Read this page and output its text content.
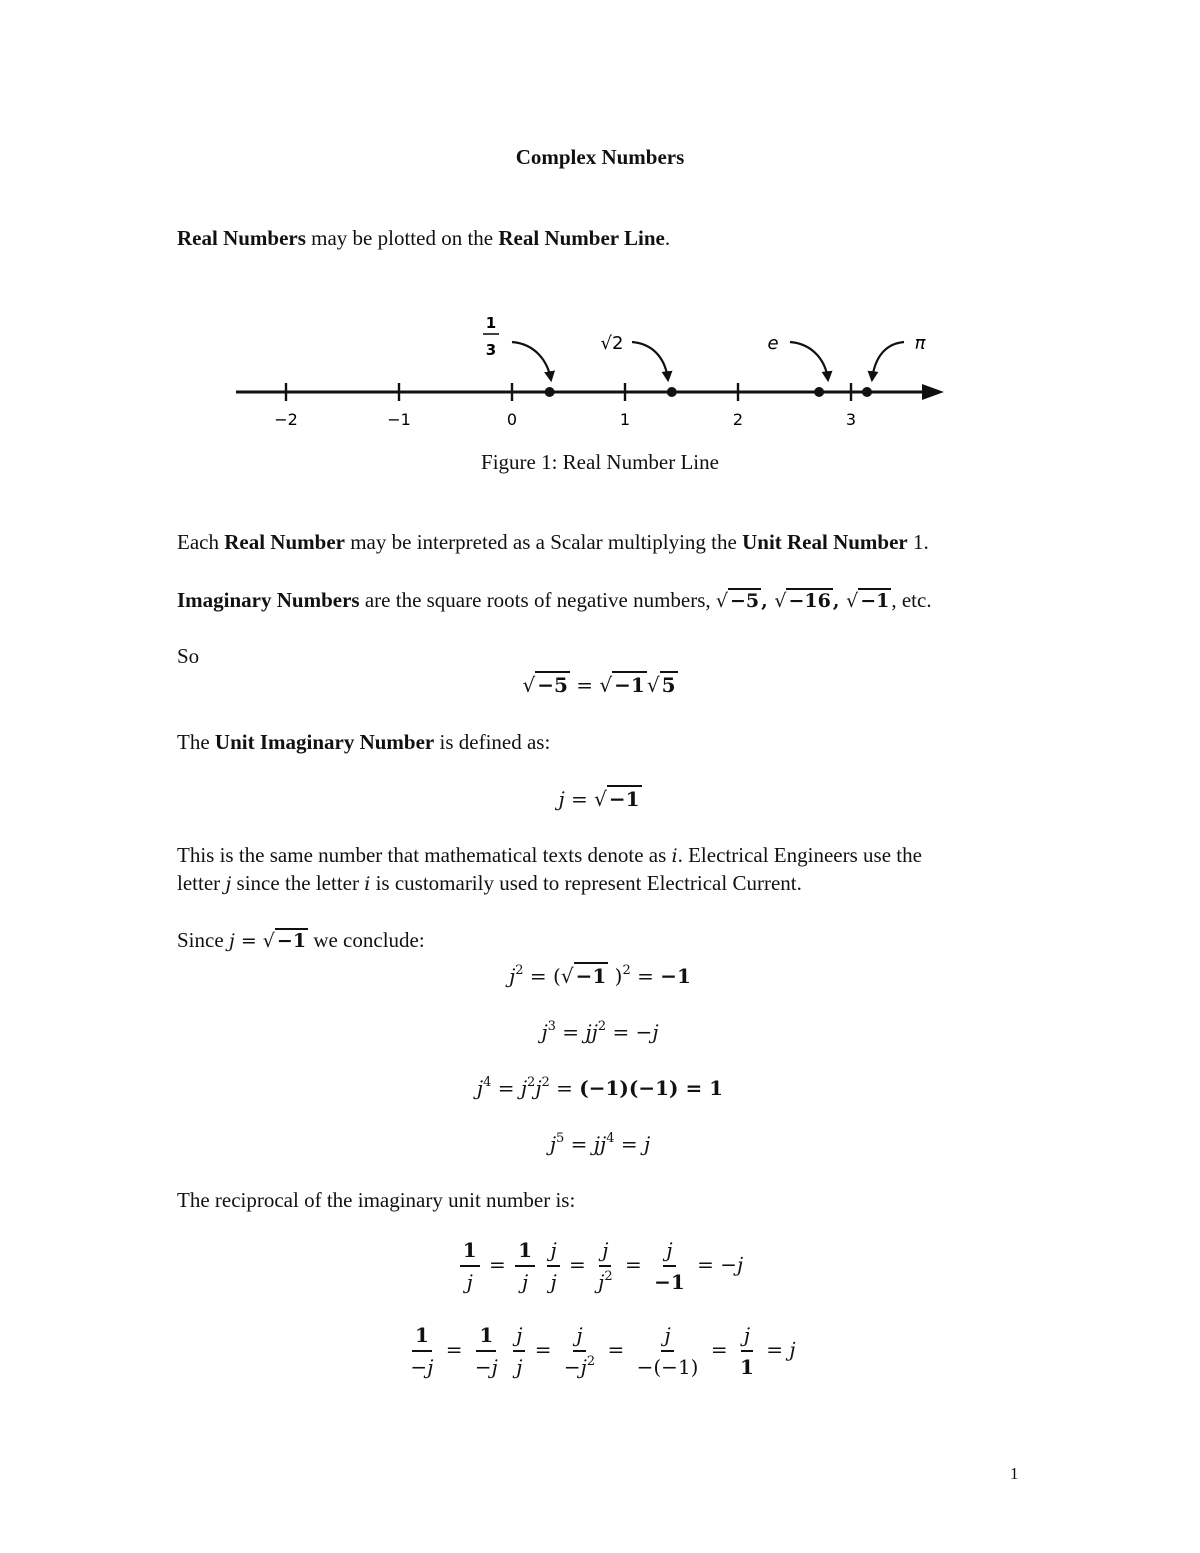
Complex Numbers

Real Numbers may be plotted on the Real Number Line.

−2	−1	0	1	2	3
1
3	√2	e	π
Figure 1: Real Number Line

Each Real Number may be interpreted as a Scalar multiplying the Unit Real Number 1.

Imaginary Numbers are the square roots of negative numbers, √ −5 , √ −16 , √ −1, etc.

So

√ −5 = √ −1 √ 5

The Unit Imaginary Number is defined as:

j = √ −1

This is the same number that mathematical texts denote as i. Electrical Engineers use the

letter j since the letter i is customarily used to represent Electrical Current.

Since j = √ −1 we conclude:

$j^2$ = (√ −1 )$^2$ = −1
$j^3 = jj^2 = -j$
$j^4 = j^2j^2 = (-1)(-1) = 1$
$j^5 = jj^4 = j$

The reciprocal of the imaginary unit number is:

$\frac{1}{j} = \frac{1}{j}$
$\frac{j}{j} = \frac{j}{j^2} = \frac{j}{-1} = -j$
$\frac{1}{-j} = \frac{1}{-j}$
$\frac{j}{j} = \frac{j}{-j^2} = \frac{j}{-(-1)} = \frac{j}{1} = j$
1
